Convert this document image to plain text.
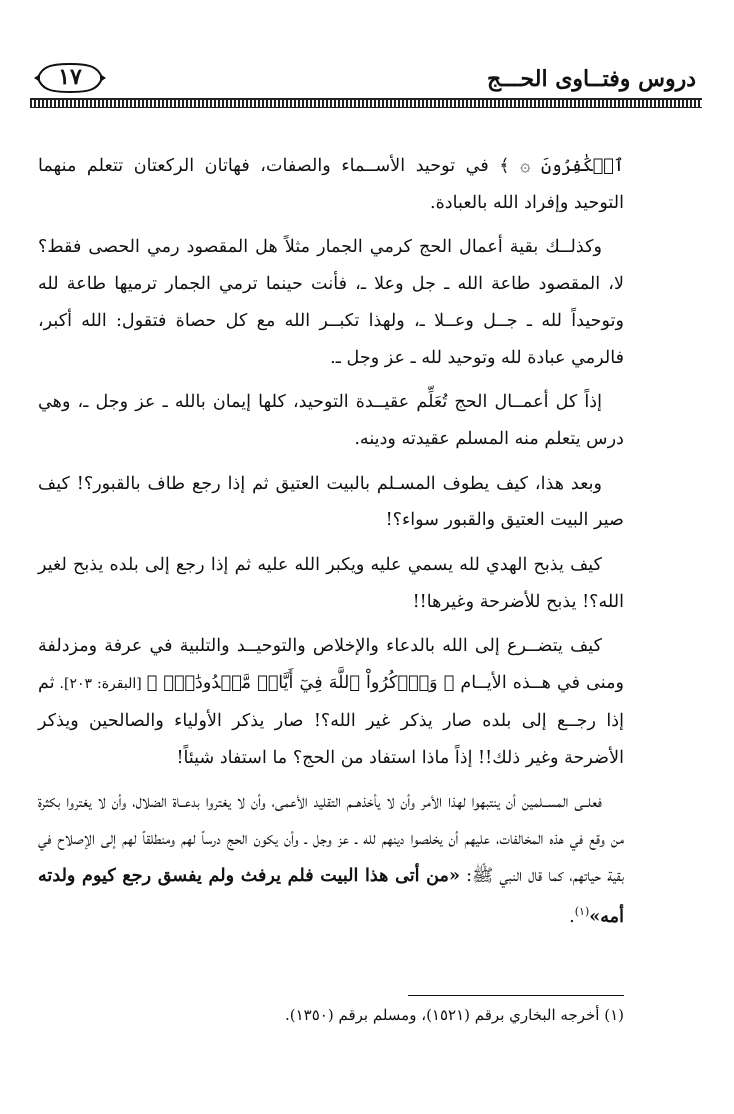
دروس وفتــاوى الحـــج
١٧

ٱلۡكَٰفِرُونَ ۞ ﴾ في توحيد الأســماء والصفات، فهاتان الركعتان تتعلم منهما التوحيد وإفراد الله بالعبادة.

وكذلــك بقية أعمال الحج كرمي الجمار مثلاً هل المقصود رمي الحصى فقط؟ لا، المقصود طاعة الله ـ جل وعلا ـ، فأنت حينما ترمي الجمار ترميها طاعة لله وتوحيداً لله ـ جــل وعــلا ـ، ولهذا تكبــر الله مع كل حصاة فتقول: الله أكبر، فالرمي عبادة لله وتوحيد لله ـ عز وجل ـ.

إذاً كل أعمــال الحج تُعَلِّم عقيــدة التوحيد، كلها إيمان بالله ـ عز وجل ـ، وهي درس يتعلم منه المسلم عقيدته ودينه.

وبعد هذا، كيف يطوف المسـلم بالبيت العتيق ثم إذا رجع طاف بالقبور؟! كيف صير البيت العتيق والقبور سواء؟!

كيف يذبح الهدي لله يسمي عليه ويكبر الله عليه ثم إذا رجع إلى بلده يذبح لغير الله؟! يذبح للأضرحة وغيرها!!

كيف يتضــرع إلى الله بالدعاء والإخلاص والتوحيــد والتلبية في عرفة ومزدلفة ومنى في هــذه الأيــام ﴿ وَٱذۡكُرُواْ ٱللَّهَ فِيٓ أَيَّامٖ مَّعۡدُودَٰتٖۚ ﴾ [البقرة: ٢٠٣]. ثم إذا رجــع إلى بلده صار يذكر غير الله؟! صار يذكر الأولياء والصالحين ويذكر الأضرحة وغير ذلك!! إذاً ماذا استفاد من الحج؟ ما استفاد شيئاً!

فعلــى المســلمين أن ينتبهوا لهذا الأمر وأن لا يأخذهــم التقليد الأعمى، وأن لا يغتروا بدعــاة الضلال، وأن لا يغتروا بكثرة من وقع في هذه المخالفات، عليهم أن يخلصوا دينهم لله ـ عز وجل ـ وأن يكون الحج درساً لهم ومنطلقاً لهم إلى الإصلاح في بقية حياتهم، كما قال النبي ﷺ: «من أتى هذا البيت فلم يرفث ولم يفسق رجع كيوم ولدته أمه»$^{(١)}$.

(١) أخرجه البخاري برقم (١٥٢١)، ومسلم برقم (١٣٥٠).
